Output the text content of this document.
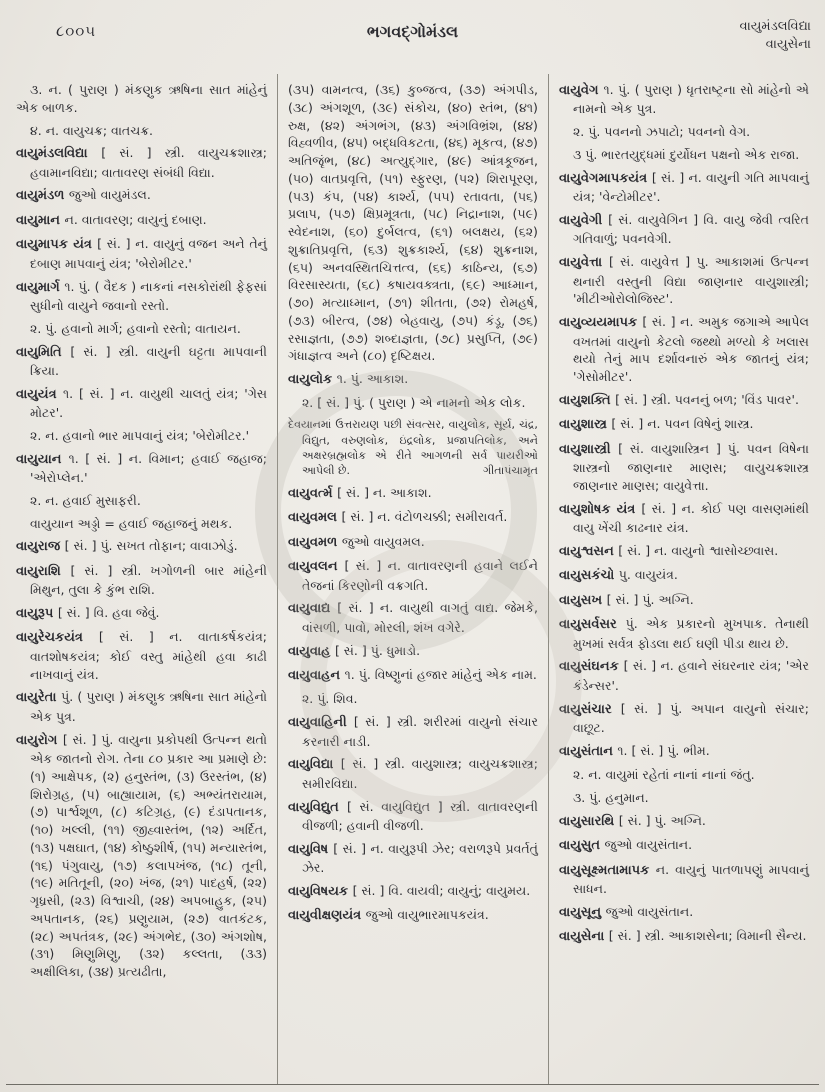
૮૦૦૫	ભગવદ્ગોમંડલ	વાયુમંડલવિદ્યા
વાયુસેના
૩. ન. ( પુરાણ ) મંકણુક ઋષિના સાત માંહેનું એક બાળક.
૪. ન. વાયુચક્ર; વાતચક્ર.
વાયુમંડલવિદ્યા [ સં. ] સ્ત્રી. વાયુચક્રશાસ્ત્ર; હવામાનવિદ્યા; વાતાવરણ સંબંધી વિદ્યા.
વાયુમંડળ જુઓ વાયુમંડલ.
વાયુમાન ન. વાતાવરણ; વાયુનું દબાણ.
વાયુમાપક યંત્ર [ સં. ] ન. વાયુનું વજન અને તેનું દબાણ માપવાનું યંત્ર; 'બેરોમીટર.'
વાયુમાર્ગ ૧. પું. ( વૈદક ) નાકનાં નસકોરાંથી ફેફસાં સુધીનો વાયુને જવાનો રસ્તો.
૨. પું. હવાનો માર્ગ; હવાનો રસ્તો; વાતાયન.
વાયુમિતિ [ સં. ] સ્ત્રી. વાયુની ઘટ્ટતા માપવાની ક્રિયા.
વાયુયંત્ર ૧. [ સં. ] ન. વાયુથી ચાલતું યંત્ર; 'ગેસ મોટર'.
૨. ન. હવાનો ભાર માપવાનું યંત્ર; 'બેરોમીટર.'
વાયુયાન ૧. [ સં. ] ન. વિમાન; હવાઈ જહાજ; 'એરોપ્લેન.'
૨. ન. હવાઈ મુસાફરી.
વાયુયાન અડ્ડો = હવાઈ જહાજનું મથક.
વાયુરાજ [ સં. ] પું. સખત તોફાન; વાવાઝોડું.
વાયુરાશિ [ સં. ] સ્ત્રી. ખગોળની બાર માંહેની મિથુન, તુલા કે કુંભ રાશિ.
વાયુરૂપ [ સં. ] વિ. હવા જેવું.
વાયુરેચકયંત્ર [ સં. ] ન. વાતાકર્ષકયંત્ર; વાતશોષકયંત્ર; કોઈ વસ્તુ માંહેથી હવા કાઢી નાખવાનું યંત્ર.
વાયુરેતા પું. ( પુરાણ ) મંકણુક ઋષિના સાત માંહેનો એક પુત્ર.
વાયુરોગ [ સં. ] પું. વાયુના પ્રકોપથી ઉત્પન્ન થતો એક જાતનો રોગ. તેના ૮૦ પ્રકાર આ પ્રમાણે છે: (૧) આક્ષેપક, (૨) હનુસ્તંભ, (૩) ઉરસ્તંભ, (૪) શિરોગ્રહ, (૫) બાહ્યાયામ, (૬) અભ્યંતરાયામ, (૭) પાર્શ્વશૂળ, (૮) કટિગ્રહ, (૯) દંડાપતાનક, (૧૦) ખલ્લી, (૧૧) જીહ્વાસ્તંભ, (૧૨) અર્દિત, (૧૩) પક્ષઘાત, (૧૪) કોષ્ઠુશીર્ષ, (૧૫) મન્યાસ્તંભ, (૧૬) પંગુવાયુ, (૧૭) કલાપખંજ, (૧૮) તૂની, (૧૯) મતિતૂની, (૨૦) ખંજ, (૨૧) પાદહર્ષ, (૨૨) ગૃધ્રસી, (૨૩) વિશ્વાચી, (૨૪) અપબાહુક, (૨૫) અપતાનક, (૨૬) પ્રણુયામ, (૨૭) વાતકંટક, (૨૮) અપતંત્રક, (૨૯) અંગભેદ, (૩૦) અંગશોષ, (૩૧) મિણુમિણુ, (૩૨) કલ્લતા, (૩૩) અક્ષીલિકા, (૩૪) પ્રત્યઢીતા,
(૩૫) વામનત્વ, (૩૬) કુબ્જત્વ, (૩૭) અંગપીડ, (૩૮) અંગશૂળ, (૩૯) સંકોચ, (૪૦) સ્તંભ, (૪૧) રુક્ષ, (૪૨) અંગભંગ, (૪૩) અંગવિભ્રંશ, (૪૪) વિહ્વળીવ, (૪૫) બદ્ધવિકટતા, (૪૬) મૂકત્વ, (૪૭) અતિજૃંભ, (૪૮) અત્યુદ્ગાર, (૪૯) આંત્રકૂજન, (૫૦) વાતપ્રવૃત્તિ, (૫૧) સ્ફુરણ, (૫૨) શિરાપૂરણ, (૫૩) કંપ, (૫૪) કાર્શ્ય, (૫૫) રતાવતા, (૫૬) પ્રલાપ, (૫૭) ક્ષિપ્રમૂત્રતા, (૫૮) નિદ્રાનાશ, (૫૯) સ્વેદનાશ, (૬૦) દુર્બલત્વ, (૬૧) બલક્ષય, (૬૨) શુક્રાતિપ્રવૃત્તિ, (૬૩) શુક્રકાર્શ્ય, (૬૪) શુક્રનાશ, (૬૫) અનવસ્થિતચિત્તત્વ, (૬૬) કાઠિન્ય, (૬૭) વિરસાસ્યતા, (૬૮) કષાયવક્ત્રતા, (૬૯) આધ્માન, (૭૦) મત્યાધ્માન, (૭૧) શીતતા, (૭૨) રોમહર્ષ, (૭૩) બીરત્વ, (૭૪) બેહવાયુ, (૭૫) કંડૂ, (૭૬) રસાજ્ઞતા, (૭૭) શબ્દાજ્ઞતા, (૭૮) પ્રસુપ્તિ, (૭૯) ગંધાજ્ઞત્વ અને (૮૦) દૃષ્ટિક્ષય.
વાયુલોક ૧. પું. આકાશ.
૨. [ સં. ] પું. ( પુરાણ ) એ નામનો એક લોક.
દેવયાનમાં ઉત્તરાયણ પછી સંવત્સર, વાયુલોક, સૂર્ય, ચંદ્ર, વિદ્યુત, વરુણલોક, ઇંદ્રલોક, પ્રજાપતિલોક, અને અક્ષરબ્રહ્મલોક એ રીતે આગળની સર્વ પાયરીઓ આપેલી છે.	ગીતાપંચામૃત
વાયુવર્ત્મ [ સં. ] ન. આકાશ.
વાયુવમલ [ સં. ] ન. વંટોળચક્કી; સમીરાવર્ત.
વાયુવમળ જુઓ વાયુવમલ.
વાયુવલન [ સં. ] ન. વાતાવરણની હવાને લઈને તેજનાં કિરણોની વક્રગતિ.
વાયુવાદ્ય [ સં. ] ન. વાયુથી વાગતું વાદ્ય. જેમકે, વાંસળી, પાવો, મોરલી, શંખ વગેરે.
વાયુવાહ [ સં. ] પું. ધુમાડો.
વાયુવાહન ૧. પું. વિષ્ણુનાં હજાર માંહેનું એક નામ.
૨. પું. શિવ.
વાયુવાહિની [ સં. ] સ્ત્રી. શરીરમાં વાયુનો સંચાર કરનારી નાડી.
વાયુવિદ્યા [ સં. ] સ્ત્રી. વાયુશાસ્ત્ર; વાયુચક્રશાસ્ત્ર; સમીરવિદ્યા.
વાયુવિદ્યુત [ સં. વાયુવિદ્યુત ] સ્ત્રી. વાતાવરણની વીજળી; હવાની વીજળી.
વાયુવિષ [ સં. ] ન. વાયુરૂપી ઝેર; વરાળરૂપે પ્રવર્તતું ઝેર.
વાયુવિષયક [ સં. ] વિ. વાયવી; વાયુનું; વાયુમય.
વાયુવીક્ષણયંત્ર જુઓ વાયુભારમાપકયંત્ર.
વાયુવેગ ૧. પું. ( પુરાણ ) ધૃતરાષ્ટ્રના સો માંહેનો એ નામનો એક પુત્ર.
૨. પું. પવનનો ઝપાટો; પવનનો વેગ.
૩ પું. ભારતયુદ્ધમાં દુર્યોધન પક્ષનો એક રાજા.
વાયુવેગમાપકયંત્ર [ સં. ] ન. વાયુની ગતિ માપવાનું યંત્ર; 'વેન્ટોમીટર'.
વાયુવેગી [ સં. વાયુવેગિન ] વિ. વાયુ જેવી ત્વરિત ગતિવાળું; પવનવેગી.
વાયુવેત્તા [ સં. વાયુવેત્ત ] પુ. આકાશમાં ઉત્પન્ન થનારી વસ્તુની વિદ્યા જાણનાર વાયુશાસ્ત્રી; 'મીટીઓરોલોજિસ્ટ'.
વાયુવ્યયમાપક [ સં. ] ન. અમુક જગાએ આપેલ વખતમાં વાયુનો કેટલો જથ્થો મળ્યો કે ખલાસ થયો તેનું માપ દર્શાવનારું એક જાતનું યંત્ર; 'ગેસોમીટર'.
વાયુશક્તિ [ સં. ] સ્ત્રી. પવનનું બળ; 'વિંડ પાવર'.
વાયુશાસ્ત્ર [ સં. ] ન. પવન વિષેનું શાસ્ત્ર.
વાયુશાસ્ત્રી [ સં. વાયુશાસ્ત્રિન ] પું. પવન વિષેના શાસ્ત્રનો જાણનાર માણસ; વાયુચક્રશાસ્ત્ર જાણનાર માણસ; વાયુવેત્તા.
વાયુશોષક યંત્ર [ સં. ] ન. કોઈ પણ વાસણમાંથી વાયુ ખેંચી કાઢનાર યંત્ર.
વાયુશ્વસન [ સં. ] ન. વાયુનો શ્વાસોચ્છ્વાસ.
વાયુસકંચો પુ. વાયુયંત્ર.
વાયુસખ [ સં. ] પું. અગ્નિ.
વાયુસર્વસર પું. એક પ્રકારનો મુખપાક. તેનાથી મુખમાં સર્વત્ર ફોડલા થઈ ઘણી પીડા થાય છે.
વાયુસંઘનક [ સં. ] ન. હવાને સંઘરનાર યંત્ર; 'એર કંડેન્સર'.
વાયુસંચાર [ સં. ] પું. અપાન વાયુનો સંચાર; વાછૂટ.
વાયુસંતાન ૧. [ સં. ] પું. ભીમ.
૨. ન. વાયુમાં રહેતાં નાનાં નાનાં જંતુ.
૩. પું. હનુમાન.
વાયુસારથિ [ સં. ] પું. અગ્નિ.
વાયુસુત જુઓ વાયુસંતાન.
વાયુસૂક્ષ્મતામાપક ન. વાયુનું પાતળાપણું માપવાનું સાધન.
વાયુસૂનુ જુઓ વાયુસંતાન.
વાયુસેના [ સં. ] સ્ત્રી. આકાશસેના; વિમાની સૈન્ય.
